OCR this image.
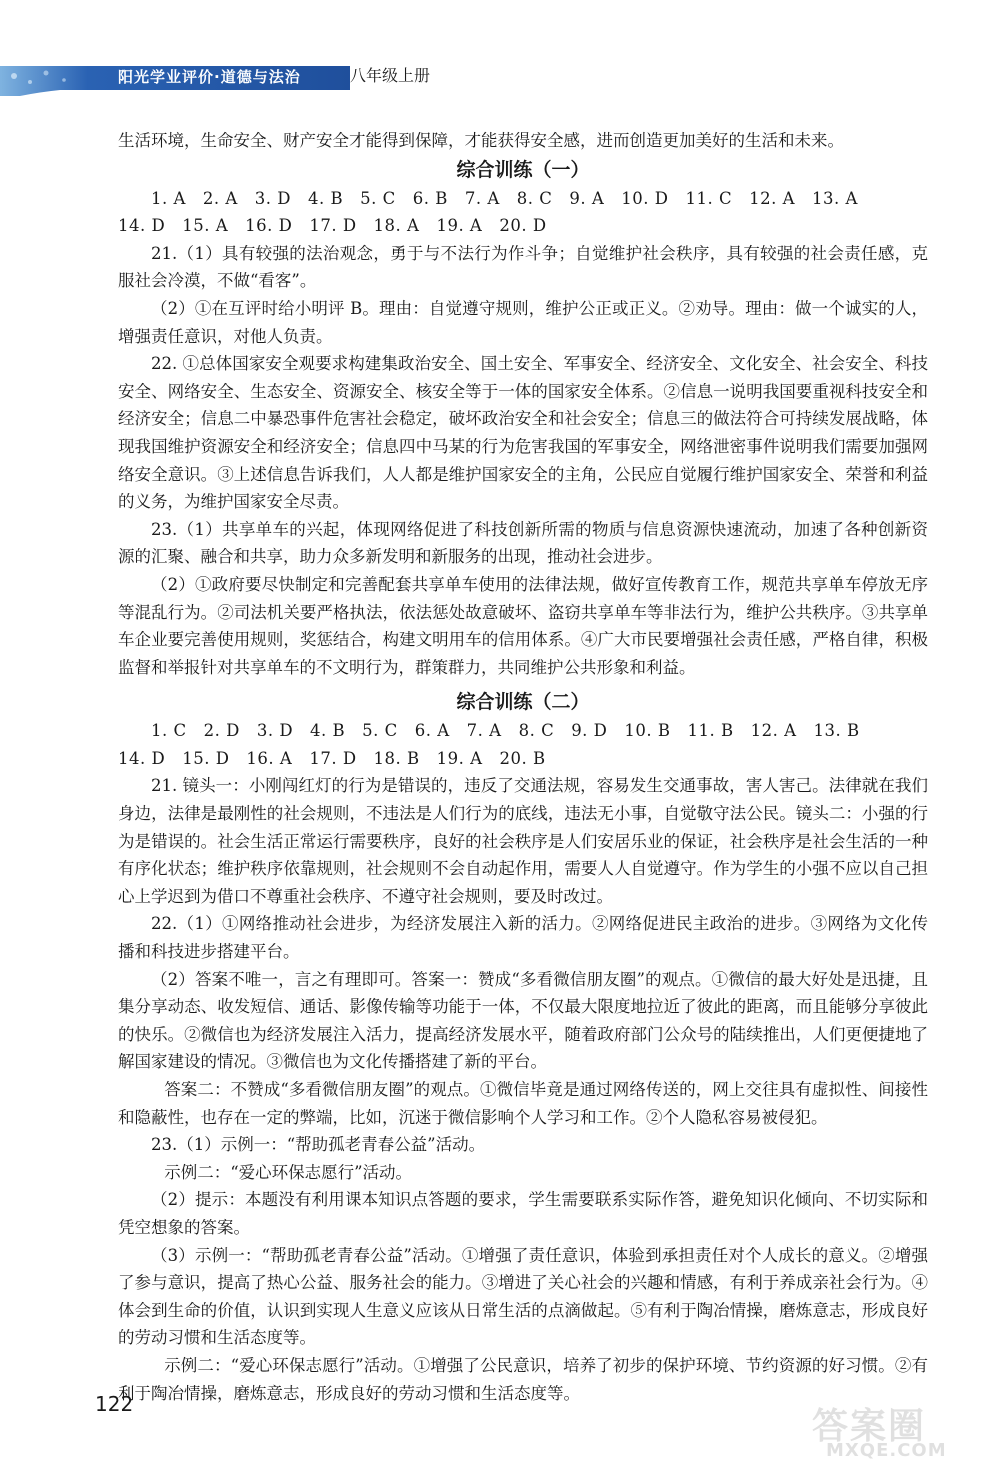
阳光学业评价·道德与法治	八年级上册

生活环境，生命安全、财产安全才能得到保障，才能获得安全感，进而创造更加美好的生活和未来。

综合训练（一）

1. A　2. A　3. D　4. B　5. C　6. B　7. A　8. C　9. A　10. D　11. C　12. A　13. A

14. D　15. A　16. D　17. D　18. A　19. A　20. D

21.（1）具有较强的法治观念，勇于与不法行为作斗争；自觉维护社会秩序，具有较强的社会责任感，克服社会冷漠，不做“看客”。

（2）①在互评时给小明评 B。理由：自觉遵守规则，维护公正或正义。②劝导。理由：做一个诚实的人，增强责任意识，对他人负责。

22. ①总体国家安全观要求构建集政治安全、国土安全、军事安全、经济安全、文化安全、社会安全、科技安全、网络安全、生态安全、资源安全、核安全等于一体的国家安全体系。②信息一说明我国要重视科技安全和经济安全；信息二中暴恐事件危害社会稳定，破坏政治安全和社会安全；信息三的做法符合可持续发展战略，体现我国维护资源安全和经济安全；信息四中马某的行为危害我国的军事安全，网络泄密事件说明我们需要加强网络安全意识。③上述信息告诉我们，人人都是维护国家安全的主角，公民应自觉履行维护国家安全、荣誉和利益的义务，为维护国家安全尽责。

23.（1）共享单车的兴起，体现网络促进了科技创新所需的物质与信息资源快速流动，加速了各种创新资源的汇聚、融合和共享，助力众多新发明和新服务的出现，推动社会进步。

（2）①政府要尽快制定和完善配套共享单车使用的法律法规，做好宣传教育工作，规范共享单车停放无序等混乱行为。②司法机关要严格执法，依法惩处故意破坏、盗窃共享单车等非法行为，维护公共秩序。③共享单车企业要完善使用规则，奖惩结合，构建文明用车的信用体系。④广大市民要增强社会责任感，严格自律，积极监督和举报针对共享单车的不文明行为，群策群力，共同维护公共形象和利益。

综合训练（二）

1. C　2. D　3. D　4. B　5. C　6. A　7. A　8. C　9. D　10. B　11. B　12. A　13. B

14. D　15. D　16. A　17. D　18. B　19. A　20. B

21. 镜头一：小刚闯红灯的行为是错误的，违反了交通法规，容易发生交通事故，害人害己。法律就在我们身边，法律是最刚性的社会规则，不违法是人们行为的底线，违法无小事，自觉敬守法公民。镜头二：小强的行为是错误的。社会生活正常运行需要秩序，良好的社会秩序是人们安居乐业的保证，社会秩序是社会生活的一种有序化状态；维护秩序依靠规则，社会规则不会自动起作用，需要人人自觉遵守。作为学生的小强不应以自己担心上学迟到为借口不尊重社会秩序、不遵守社会规则，要及时改过。

22.（1）①网络推动社会进步，为经济发展注入新的活力。②网络促进民主政治的进步。③网络为文化传播和科技进步搭建平台。

（2）答案不唯一，言之有理即可。答案一：赞成“多看微信朋友圈”的观点。①微信的最大好处是迅捷，且集分享动态、收发短信、通话、影像传输等功能于一体，不仅最大限度地拉近了彼此的距离，而且能够分享彼此的快乐。②微信也为经济发展注入活力，提高经济发展水平，随着政府部门公众号的陆续推出，人们更便捷地了解国家建设的情况。③微信也为文化传播搭建了新的平台。

答案二：不赞成“多看微信朋友圈”的观点。①微信毕竟是通过网络传送的，网上交往具有虚拟性、间接性和隐蔽性，也存在一定的弊端，比如，沉迷于微信影响个人学习和工作。②个人隐私容易被侵犯。

23.（1）示例一：“帮助孤老青春公益”活动。

示例二：“爱心环保志愿行”活动。

（2）提示：本题没有利用课本知识点答题的要求，学生需要联系实际作答，避免知识化倾向、不切实际和凭空想象的答案。

（3）示例一：“帮助孤老青春公益”活动。①增强了责任意识，体验到承担责任对个人成长的意义。②增强了参与意识，提高了热心公益、服务社会的能力。③增进了关心社会的兴趣和情感，有利于养成亲社会行为。④体会到生命的价值，认识到实现人生意义应该从日常生活的点滴做起。⑤有利于陶冶情操，磨炼意志，形成良好的劳动习惯和生活态度等。

示例二：“爱心环保志愿行”活动。①增强了公民意识，培养了初步的保护环境、节约资源的好习惯。②有利于陶冶情操，磨炼意志，形成良好的劳动习惯和生活态度等。

122
答案圈
MXQE.COM
